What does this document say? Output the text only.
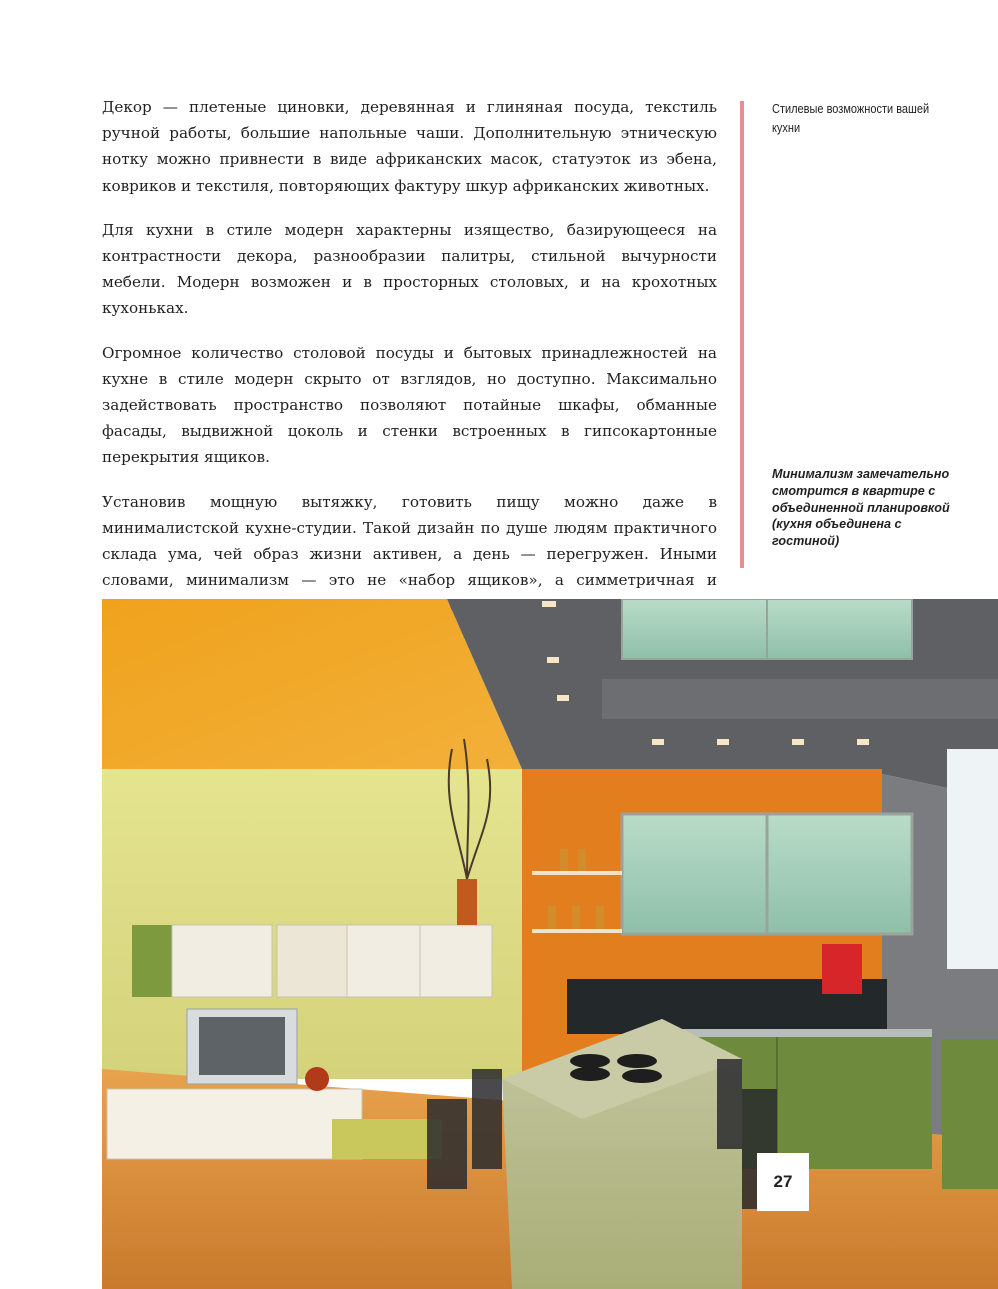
Декор — плетеные циновки, деревянная и глиняная посуда, текстиль ручной работы, большие напольные чаши. Дополнительную этническую нотку можно привнести в виде африканских масок, статуэток из эбена, ковриков и текстиля, повторяющих фактуру шкур африканских животных.

Для кухни в стиле модерн характерны изящество, базирующееся на контрастности декора, разнообразии палитры, стильной вычурности мебели. Модерн возможен и в просторных столовых, и на крохотных кухоньках.

Огромное количество столовой посуды и бытовых принадлежностей на кухне в стиле модерн скрыто от взглядов, но доступно. Максимально задействовать пространство позволяют потайные шкафы, обманные фасады, выдвижной цоколь и стенки встроенных в гипсокартонные перекрытия ящиков.

Установив мощную вытяжку, готовить пищу можно даже в минималистской кухне-студии. Такой дизайн по душе людям практичного склада ума, чей образ жизни активен, а день — перегружен. Иными словами, минимализм — это не «набор ящиков», а симметричная и

Стилевые возможности вашей кухни
Минимализм замечательно смотрится в квартире с объединенной планировкой (кухня объединена с гостиной)
27
